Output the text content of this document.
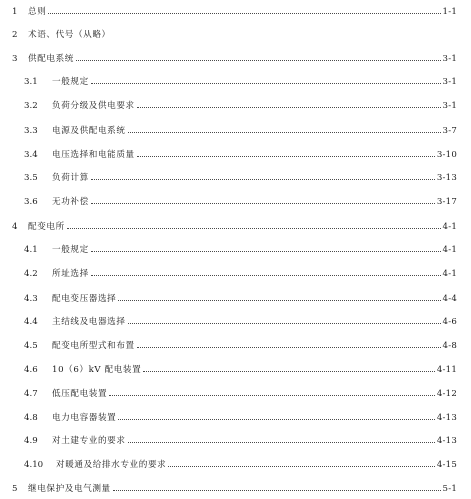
1	总则	1-1
2	术语、代号（从略）
3	供配电系统	3-1
3.1	一般规定	3-1
3.2	负荷分级及供电要求	3-1
3.3	电源及供配电系统	3-7
3.4	电压选择和电能质量	3-10
3.5	负荷计算	3-13
3.6	无功补偿	3-17
4	配变电所	4-1
4.1	一般规定	4-1
4.2	所址选择	4-1
4.3	配电变压器选择	4-4
4.4	主结线及电器选择	4-6
4.5	配变电所型式和布置	4-8
4.6	10（6）kV 配电装置	4-11
4.7	低压配电装置	4-12
4.8	电力电容器装置	4-13
4.9	对土建专业的要求	4-13
4.10	对暖通及给排水专业的要求	4-15
5	继电保护及电气测量	5-1
